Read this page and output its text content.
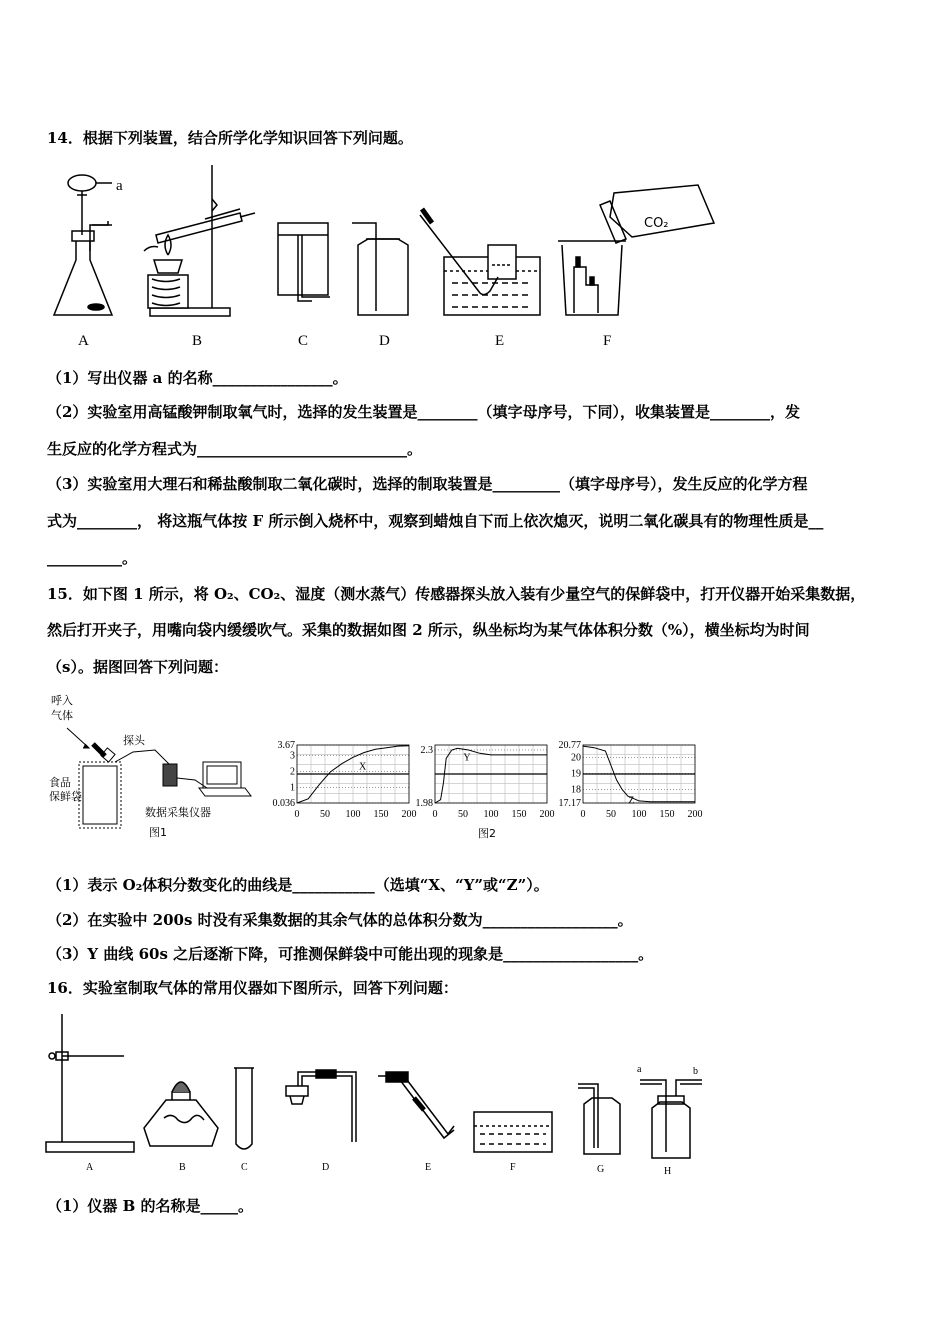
14．根据下列装置，结合所学化学知识回答下列问题。
a
CO₂
A	B	C	D	E	F
（1）写出仪器 a 的名称________________。
（2）实验室用高锰酸钾制取氧气时，选择的发生装置是________（填字母序号，下同），收集装置是________，发
生反应的化学方程式为____________________________。
（3）实验室用大理石和稀盐酸制取二氧化碳时，选择的制取装置是_________（填字母序号），发生反应的化学方程
式为________， 将这瓶气体按 F 所示倒入烧杯中，观察到蜡烛自下而上依次熄灭，说明二氧化碳具有的物理性质是__
__________。
15．如下图 1 所示，将 O₂、CO₂、湿度（测水蒸气）传感器探头放入装有少量空气的保鲜袋中，打开仪器开始采集数据，
然后打开夹子，用嘴向袋内缓缓吹气。采集的数据如图 2 所示，纵坐标均为某气体体积分数（%），横坐标均为时间
（s）。据图回答下列问题：
呼入
气体
探头
食品
保鲜袋
数据采集仪器
图1
3.67
3
2
1
0.036
0 50 100 150 200
X
2.3
1.98
0 50 100 150 200
Y
20.77
20
19
18
17.17
0 50 100 150 200
Z
图2
（1）表示 O₂体积分数变化的曲线是___________（选填“X、“Y”或“Z”）。
（2）在实验中 200s 时没有采集数据的其余气体的总体积分数为__________________。
（3）Y 曲线 60s 之后逐渐下降，可推测保鲜袋中可能出现的现象是__________________。
16．实验室制取气体的常用仪器如下图所示，回答下列问题：
A	B	C	D	E	F	G	H
a	b
（1）仪器 B 的名称是_____。
